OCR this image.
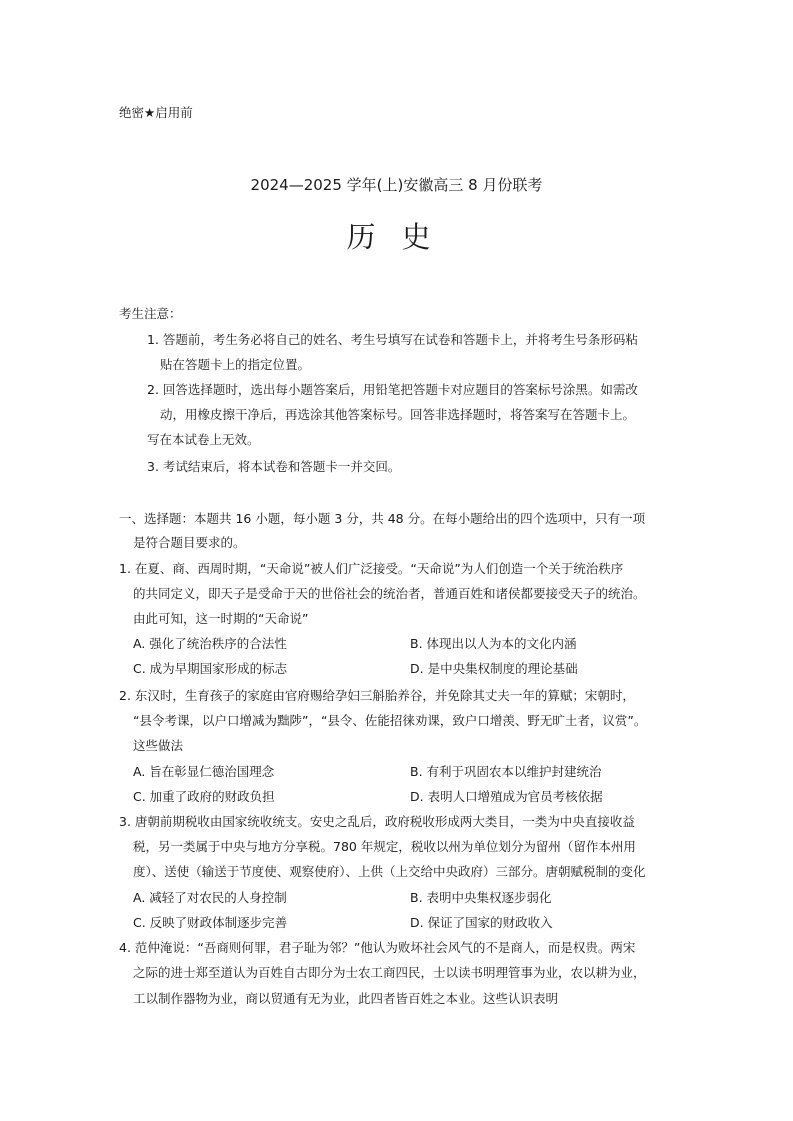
绝密★启用前
2024—2025 学年(上)安徽高三 8 月份联考
历史
考生注意：
1. 答题前，考生务必将自己的姓名、考生号填写在试卷和答题卡上，并将考生号条形码粘
贴在答题卡上的指定位置。
2. 回答选择题时，选出每小题答案后，用铅笔把答题卡对应题目的答案标号涂黑。如需改
动，用橡皮擦干净后，再选涂其他答案标号。回答非选择题时，将答案写在答题卡上。
写在本试卷上无效。
3. 考试结束后，将本试卷和答题卡一并交回。
一、选择题：本题共 16 小题，每小题 3 分，共 48 分。在每小题给出的四个选项中，只有一项
是符合题目要求的。
1. 在夏、商、西周时期，“天命说”被人们广泛接受。“天命说”为人们创造一个关于统治秩序
的共同定义，即天子是受命于天的世俗社会的统治者，普通百姓和诸侯都要接受天子的统治。
由此可知，这一时期的“天命说”
A. 强化了统治秩序的合法性	B. 体现出以人为本的文化内涵
C. 成为早期国家形成的标志	D. 是中央集权制度的理论基础
2. 东汉时，生育孩子的家庭由官府赐给孕妇三斛胎养谷，并免除其丈夫一年的算赋；宋朝时，
“县令考课，以户口增减为黜陟”，“县令、佐能招徕劝课，致户口增羡、野无旷土者，议赏”。
这些做法
A. 旨在彰显仁德治国理念	B. 有利于巩固农本以维护封建统治
C. 加重了政府的财政负担	D. 表明人口增殖成为官员考核依据
3. 唐朝前期税收由国家统收统支。安史之乱后，政府税收形成两大类目，一类为中央直接收益
税，另一类属于中央与地方分享税。780 年规定，税收以州为单位划分为留州（留作本州用
度）、送使（输送于节度使、观察使府）、上供（上交给中央政府）三部分。唐朝赋税制的变化
A. 减轻了对农民的人身控制	B. 表明中央集权逐步弱化
C. 反映了财政体制逐步完善	D. 保证了国家的财政收入
4. 范仲淹说：“吾商则何罪，君子耻为邻？”他认为败坏社会风气的不是商人，而是权贵。两宋
之际的进士郑至道认为百姓自古即分为士农工商四民，士以读书明理管事为业，农以耕为业，
工以制作器物为业，商以贸通有无为业，此四者皆百姓之本业。这些认识表明
